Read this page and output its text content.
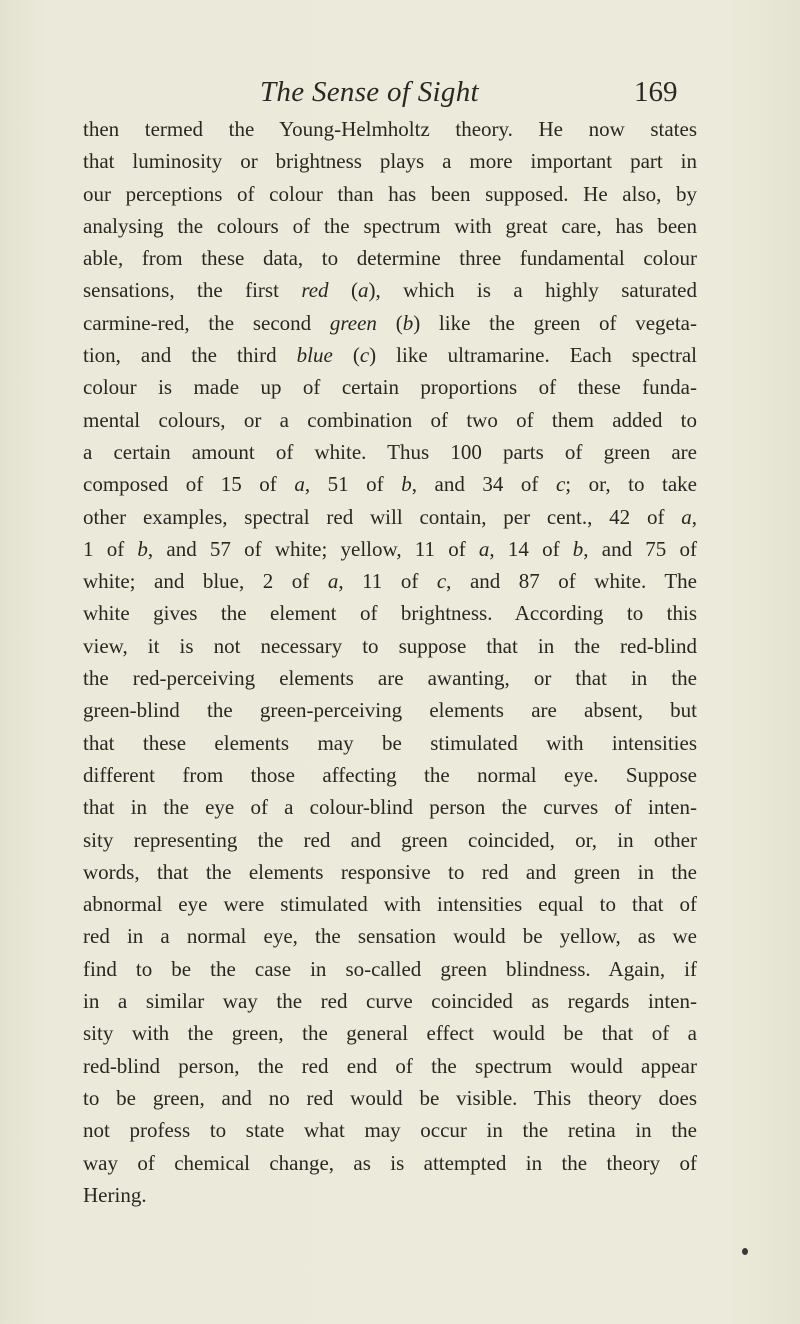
The Sense of Sight	169
then termed the Young-Helmholtz theory. He now states
that luminosity or brightness plays a more important part in
our perceptions of colour than has been supposed. He also, by
analysing the colours of the spectrum with great care, has been
able, from these data, to determine three fundamental colour
sensations, the first red (a), which is a highly saturated
carmine-red, the second green (b) like the green of vegeta-
tion, and the third blue (c) like ultramarine. Each spectral
colour is made up of certain proportions of these funda-
mental colours, or a combination of two of them added to
a certain amount of white. Thus 100 parts of green are
composed of 15 of a, 51 of b, and 34 of c; or, to take
other examples, spectral red will contain, per cent., 42 of a,
1 of b, and 57 of white; yellow, 11 of a, 14 of b, and 75 of
white; and blue, 2 of a, 11 of c, and 87 of white. The
white gives the element of brightness. According to this
view, it is not necessary to suppose that in the red-blind
the red-perceiving elements are awanting, or that in the
green-blind the green-perceiving elements are absent, but
that these elements may be stimulated with intensities
different from those affecting the normal eye. Suppose
that in the eye of a colour-blind person the curves of inten-
sity representing the red and green coincided, or, in other
words, that the elements responsive to red and green in the
abnormal eye were stimulated with intensities equal to that of
red in a normal eye, the sensation would be yellow, as we
find to be the case in so-called green blindness. Again, if
in a similar way the red curve coincided as regards inten-
sity with the green, the general effect would be that of a
red-blind person, the red end of the spectrum would appear
to be green, and no red would be visible. This theory does
not profess to state what may occur in the retina in the
way of chemical change, as is attempted in the theory of
Hering.
